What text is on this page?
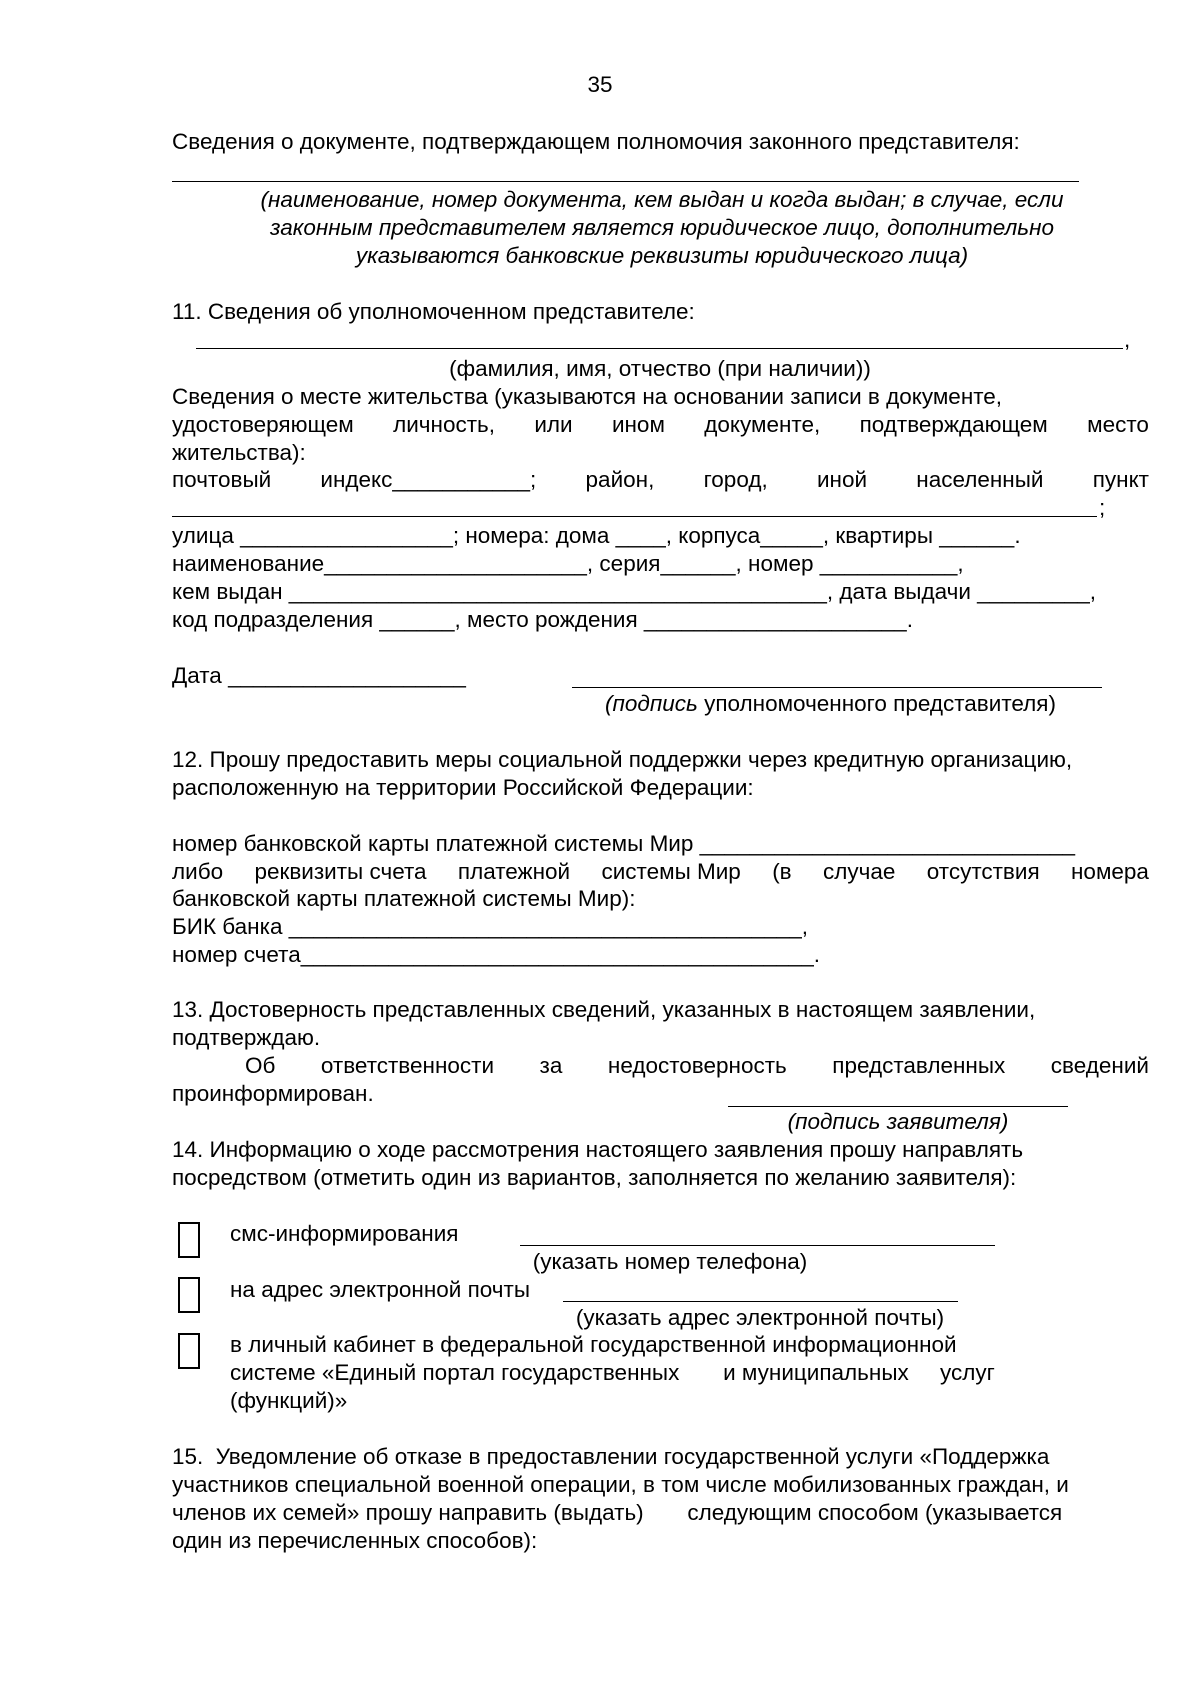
35
Сведения о документе, подтверждающем полномочия законного представителя:
(наименование, номер документа, кем выдан и когда выдан; в случае, если
законным представителем является юридическое лицо, дополнительно
указываются банковские реквизиты юридического лица)
11. Сведения об уполномоченном представителе:
,
(фамилия, имя, отчество (при наличии))
Сведения о месте жительства (указываются на основании записи в документе,
удостоверяющем личность, или ином документе, подтверждающем место
жительства):
почтовый индекс___________; район, город, иной населенный пункт
;
улица _________________; номера: дома ____, корпуса_____, квартиры ______.
наименование_____________________, серия______, номер ___________,
кем выдан ___________________________________________, дата выдачи _________,
код подразделения ______, место рождения _____________________.
Дата ___________________
(подпись уполномоченного представителя)
12. Прошу предоставить меры социальной поддержки через кредитную организацию,
расположенную на территории Российской Федерации:
номер банковской карты платежной системы Мир ______________________________
либо реквизиты счета платежной системы Мир (в случае отсутствия номера
банковской карты платежной системы Мир):
БИК банка _________________________________________,
номер счета_________________________________________.
13. Достоверность представленных сведений, указанных в настоящем заявлении,
подтверждаю.
Об ответственности за недостоверность представленных сведений
проинформирован.
(подпись заявителя)
14. Информацию о ходе рассмотрения настоящего заявления прошу направлять
посредством (отметить один из вариантов, заполняется по желанию заявителя):
смс-информирования
(указать номер телефона)
на адрес электронной почты
(указать адрес электронной почты)
в личный кабинет в федеральной государственной информационной
системе «Единый портал государственных       и муниципальных     услуг
(функций)»
15.  Уведомление об отказе в предоставлении государственной услуги «Поддержка
участников специальной военной операции, в том числе мобилизованных граждан, и
членов их семей» прошу направить (выдать)       следующим способом (указывается
один из перечисленных способов):
